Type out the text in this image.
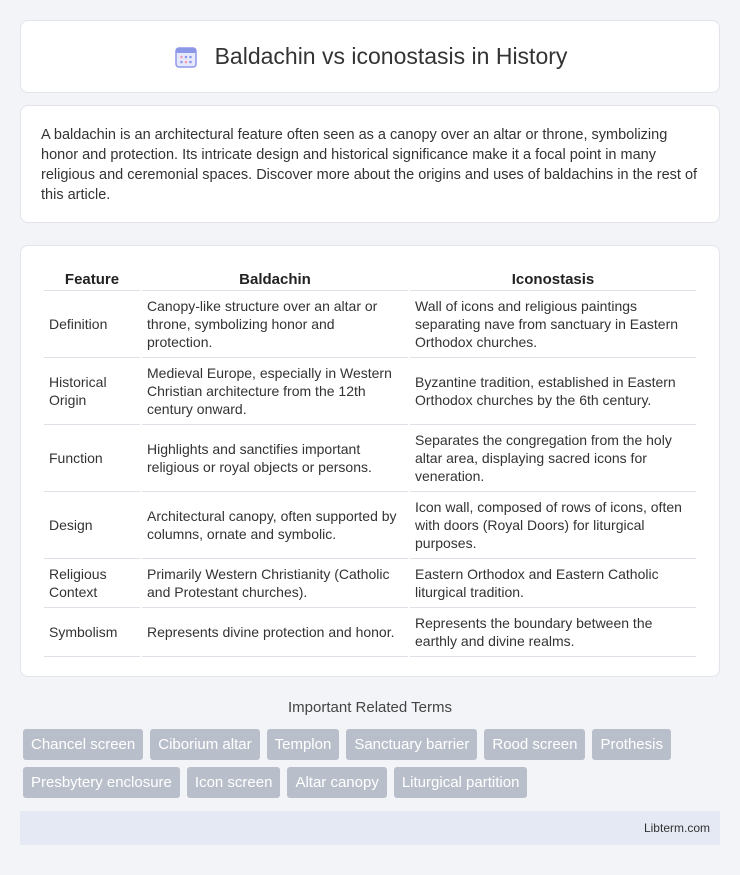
Baldachin vs iconostasis in History

A baldachin is an architectural feature often seen as a canopy over an altar or throne, symbolizing honor and protection. Its intricate design and historical significance make it a focal point in many religious and ceremonial spaces. Discover more about the origins and uses of baldachins in the rest of this article.

Feature	Baldachin	Iconostasis
Definition	Canopy-like structure over an altar or throne, symbolizing honor and protection.	Wall of icons and religious paintings separating nave from sanctuary in Eastern Orthodox churches.
Historical Origin	Medieval Europe, especially in Western Christian architecture from the 12th century onward.	Byzantine tradition, established in Eastern Orthodox churches by the 6th century.
Function	Highlights and sanctifies important religious or royal objects or persons.	Separates the congregation from the holy altar area, displaying sacred icons for veneration.
Design	Architectural canopy, often supported by columns, ornate and symbolic.	Icon wall, composed of rows of icons, often with doors (Royal Doors) for liturgical purposes.
Religious Context	Primarily Western Christianity (Catholic and Protestant churches).	Eastern Orthodox and Eastern Catholic liturgical tradition.
Symbolism	Represents divine protection and honor.	Represents the boundary between the earthly and divine realms.
Important Related Terms
Chancel screen	Ciborium altar	Templon	Sanctuary barrier	Rood screen	Prothesis
Presbytery enclosure	Icon screen	Altar canopy	Liturgical partition
Libterm.com
